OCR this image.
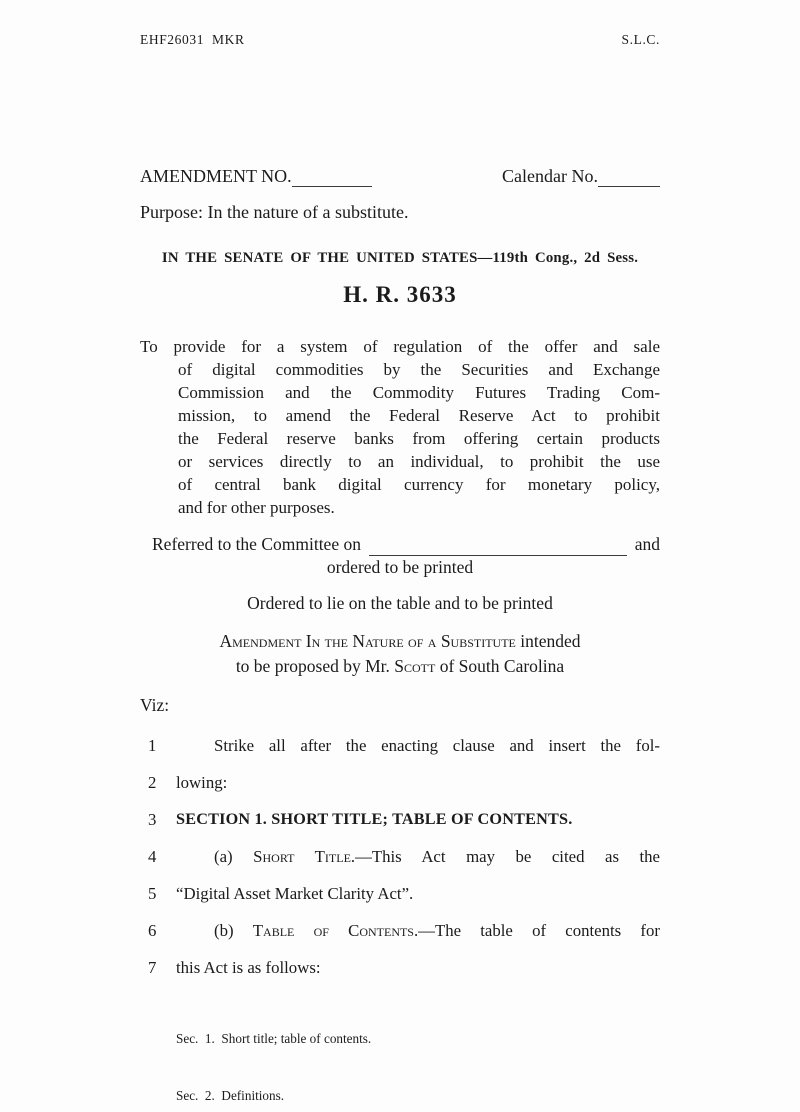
EHF26031  MKR	S.L.C.
AMENDMENT NO.	Calendar No.
Purpose: In the nature of a substitute.
IN THE SENATE OF THE UNITED STATES—119th Cong., 2d Sess.
H. R. 3633
To provide for a system of regulation of the offer and sale
of digital commodities by the Securities and Exchange
Commission and the Commodity Futures Trading Com-
mission, to amend the Federal Reserve Act to prohibit
the Federal reserve banks from offering certain products
or services directly to an individual, to prohibit the use
of central bank digital currency for monetary policy,
and for other purposes.
Referred to the Committee on	and
ordered to be printed
Ordered to lie on the table and to be printed
Amendment In the Nature of a Substitute intended
to be proposed by Mr. Scott of South Carolina
Viz:
1	Strike all after the enacting clause and insert the fol-
2 lowing:
3 SECTION 1. SHORT TITLE; TABLE OF CONTENTS.
4	(a) Short Title.—This Act may be cited as the
5 “Digital Asset Market Clarity Act”.
6	(b) Table of Contents.—The table of contents for
7 this Act is as follows:

Sec.  1.  Short title; table of contents.

Sec.  2.  Definitions.
